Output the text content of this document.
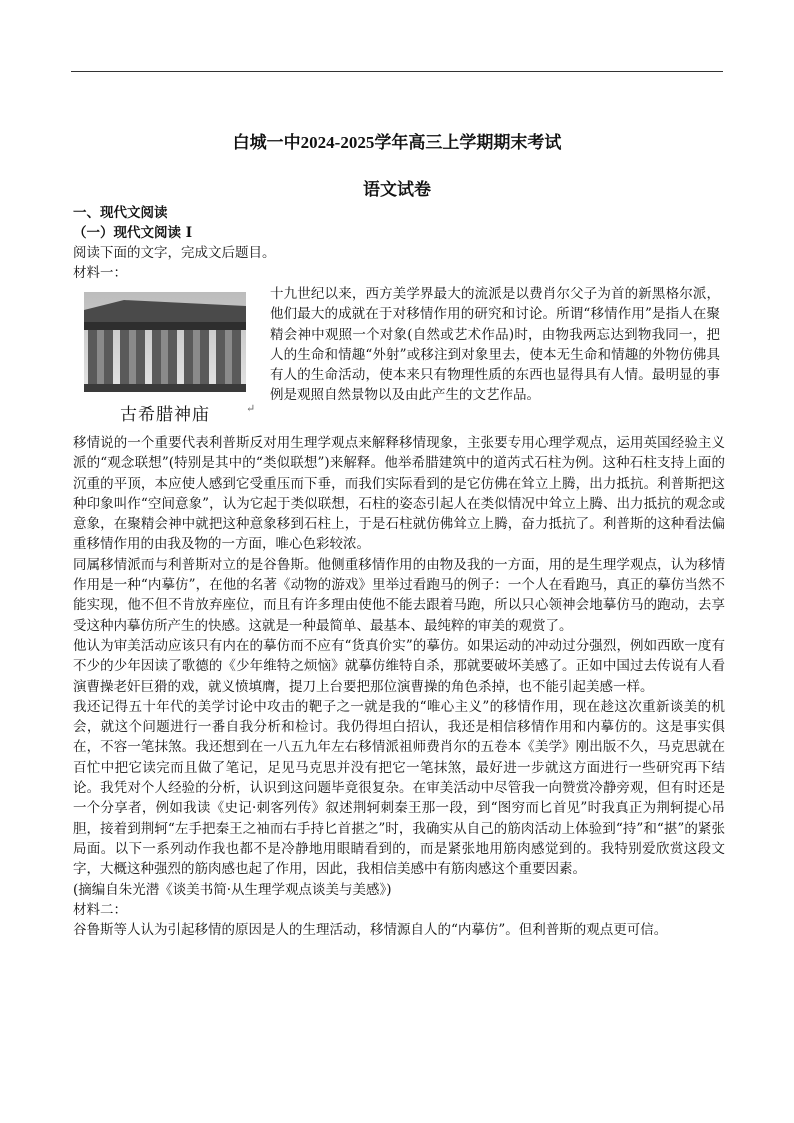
白城一中2024-2025学年高三上学期期末考试
语文试卷
一、现代文阅读
（一）现代文阅读 I
阅读下面的文字，完成文后题目。
材料一：
古希腊神庙	↵
十九世纪以来，西方美学界最大的流派是以费肖尔父子为首的新黑格尔派，他们最大的成就在于对移情作用的研究和讨论。所谓“移情作用”是指人在聚精会神中观照一个对象(自然或艺术作品)时，由物我两忘达到物我同一，把人的生命和情趣“外射”或移注到对象里去，使本无生命和情趣的外物仿佛具有人的生命活动，使本来只有物理性质的东西也显得具有人情。最明显的事例是观照自然景物以及由此产生的文艺作品。

移情说的一个重要代表利普斯反对用生理学观点来解释移情现象，主张要专用心理学观点，运用英国经验主义派的“观念联想”(特别是其中的“类似联想”)来解释。他举希腊建筑中的道芮式石柱为例。这种石柱支持上面的沉重的平顶，本应使人感到它受重压而下垂，而我们实际看到的是它仿佛在耸立上腾，出力抵抗。利普斯把这种印象叫作“空间意象”，认为它起于类似联想，石柱的姿态引起人在类似情况中耸立上腾、出力抵抗的观念或意象，在聚精会神中就把这种意象移到石柱上，于是石柱就仿佛耸立上腾，奋力抵抗了。利普斯的这种看法偏重移情作用的由我及物的一方面，唯心色彩较浓。

同属移情派而与利普斯对立的是谷鲁斯。他侧重移情作用的由物及我的一方面，用的是生理学观点，认为移情作用是一种“内摹仿”，在他的名著《动物的游戏》里举过看跑马的例子：一个人在看跑马，真正的摹仿当然不能实现，他不但不肯放弃座位，而且有许多理由使他不能去跟着马跑，所以只心领神会地摹仿马的跑动，去享受这种内摹仿所产生的快感。这就是一种最简单、最基本、最纯粹的审美的观赏了。

他认为审美活动应该只有内在的摹仿而不应有“货真价实”的摹仿。如果运动的冲动过分强烈，例如西欧一度有不少的少年因读了歌德的《少年维特之烦恼》就摹仿维特自杀，那就要破坏美感了。正如中国过去传说有人看演曹操老奸巨猾的戏，就义愤填膺，提刀上台要把那位演曹操的角色杀掉，也不能引起美感一样。

我还记得五十年代的美学讨论中攻击的靶子之一就是我的“唯心主义”的移情作用，现在趁这次重新谈美的机会，就这个问题进行一番自我分析和检讨。我仍得坦白招认，我还是相信移情作用和内摹仿的。这是事实俱在，不容一笔抹煞。我还想到在一八五九年左右移情派祖师费肖尔的五卷本《美学》刚出版不久，马克思就在百忙中把它读完而且做了笔记，足见马克思并没有把它一笔抹煞，最好进一步就这方面进行一些研究再下结论。我凭对个人经验的分析，认识到这问题毕竟很复杂。在审美活动中尽管我一向赞赏冷静旁观，但有时还是一个分享者，例如我读《史记·刺客列传》叙述荆轲刺秦王那一段，到“图穷而匕首见”时我真正为荆轲提心吊胆，接着到荆轲“左手把秦王之袖而右手持匕首揕之”时，我确实从自己的筋肉活动上体验到“持”和“揕”的紧张局面。以下一系列动作我也都不是冷静地用眼睛看到的，而是紧张地用筋肉感觉到的。我特别爱欣赏这段文字，大概这种强烈的筋肉感也起了作用，因此，我相信美感中有筋肉感这个重要因素。

(摘编自朱光潜《谈美书简·从生理学观点谈美与美感》)

材料二：

谷鲁斯等人认为引起移情的原因是人的生理活动，移情源自人的“内摹仿”。但利普斯的观点更可信。
